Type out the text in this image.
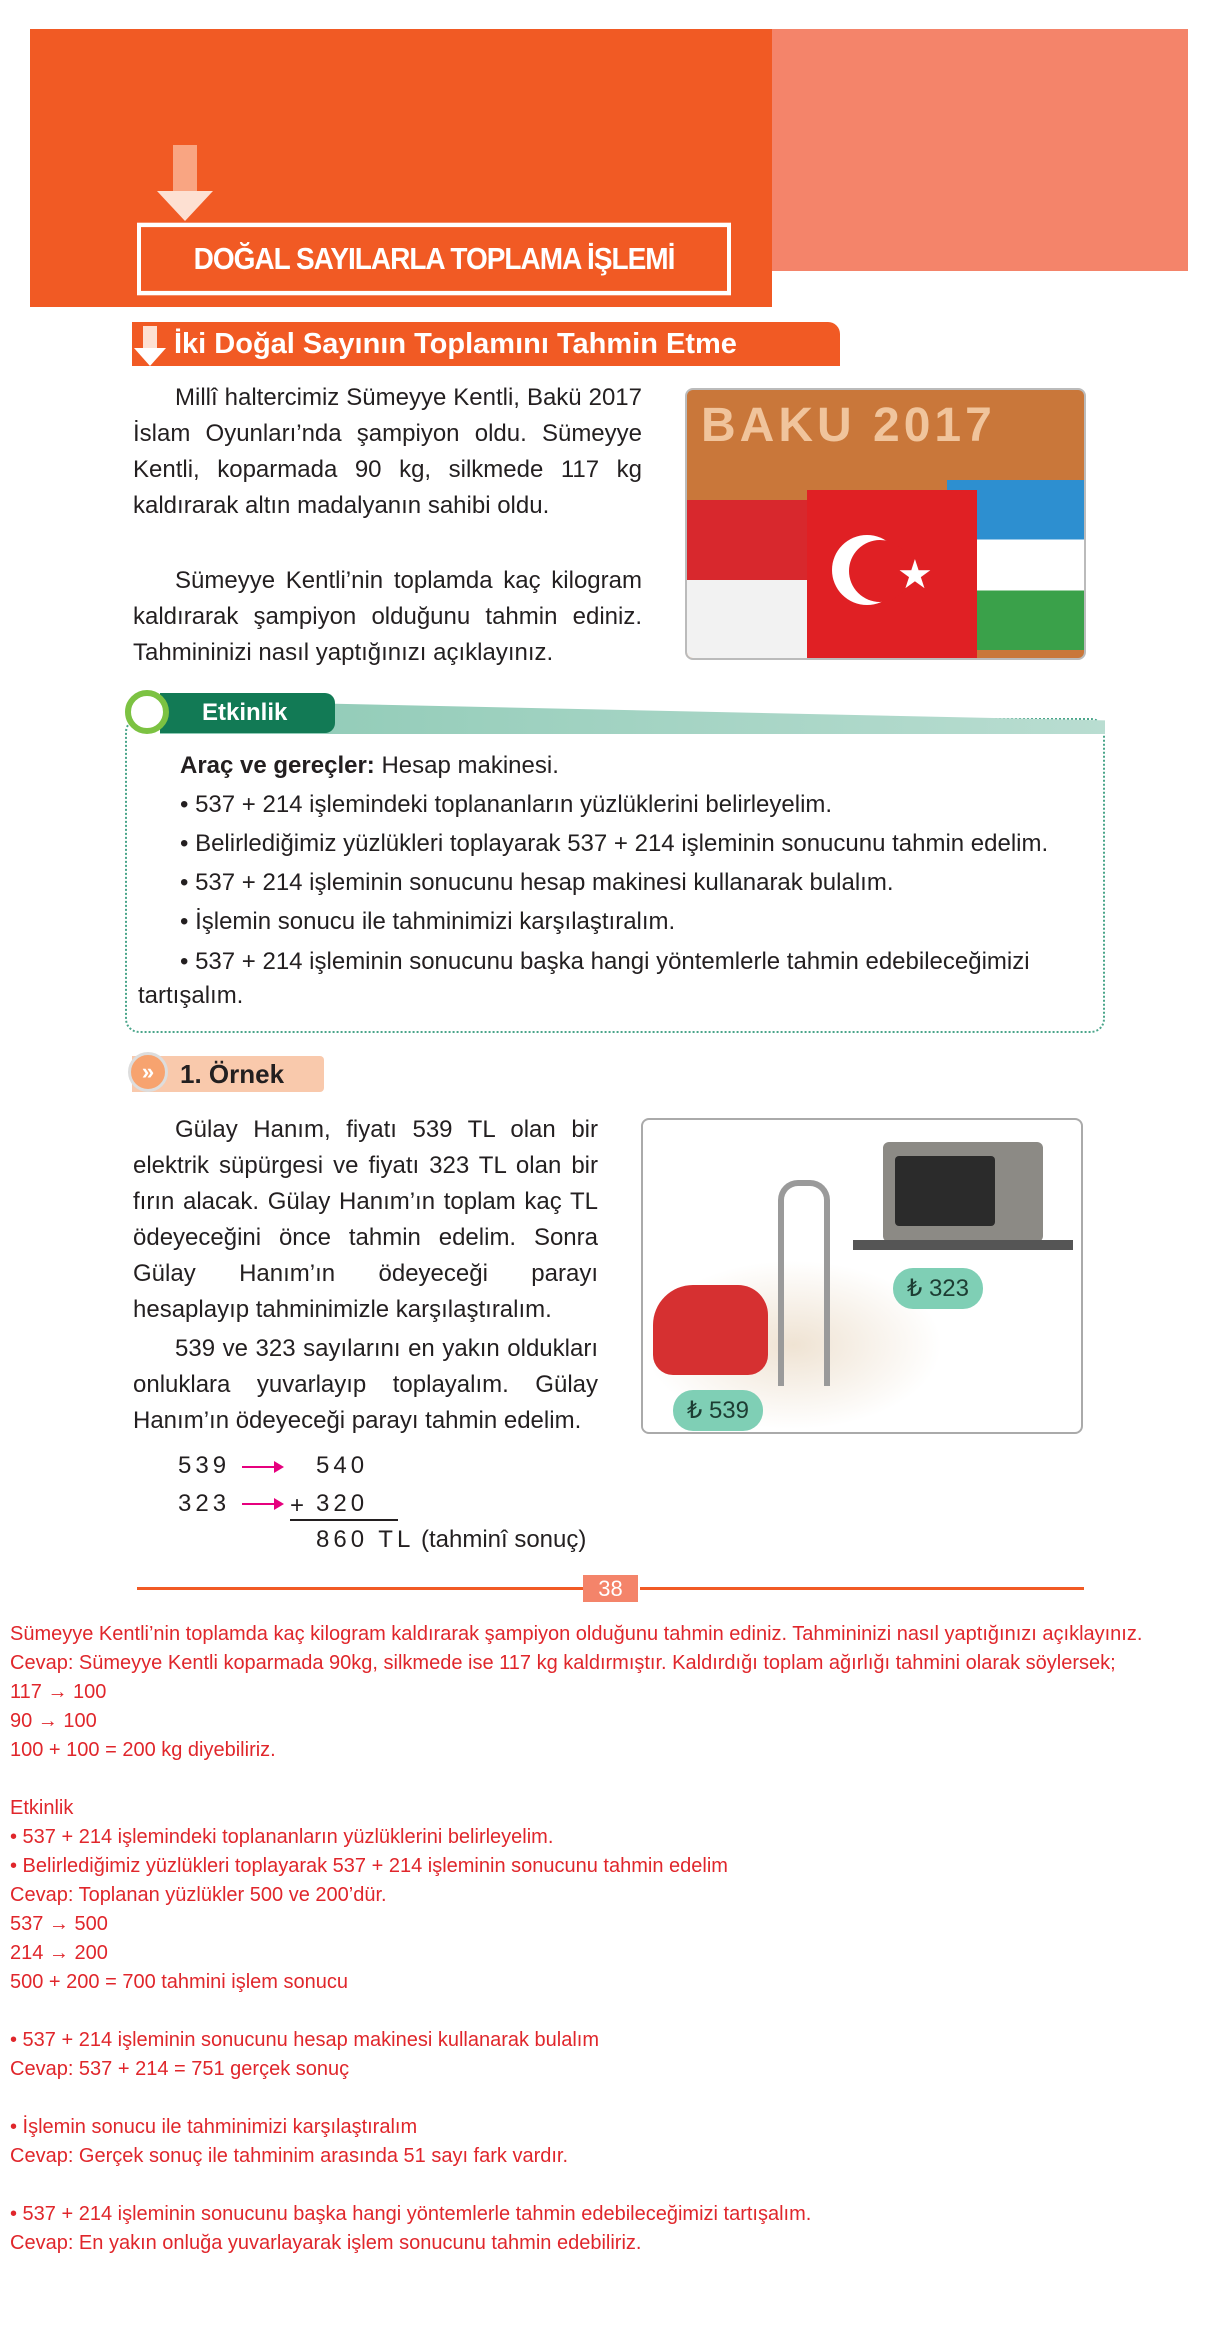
DOĞAL SAYILARLA TOPLAMA İŞLEMİ
İki Doğal Sayının Toplamını Tahmin Etme
Millî haltercimiz Sümeyye Kentli, Bakü 2017 İslam Oyunları’nda şampiyon oldu. Sümeyye Kentli, koparmada 90 kg, silkmede 117 kg kaldırarak altın madalyanın sahibi oldu.
Sümeyye Kentli’nin toplamda kaç kilogram kaldırarak şampiyon olduğunu tahmin ediniz. Tahmininizi nasıl yaptığınızı açıklayınız.
★
BAKU 2017
Etkinlik
Araç ve gereçler: Hesap makinesi.
• 537 + 214 işlemindeki toplananların yüzlüklerini belirleyelim.
• Belirlediğimiz yüzlükleri toplayarak 537 + 214 işleminin sonucunu tahmin edelim.
• 537 + 214 işleminin sonucunu hesap makinesi kullanarak bulalım.
• İşlemin sonucu ile tahminimizi karşılaştıralım.
• 537 + 214 işleminin sonucunu başka hangi yöntemlerle tahmin edebileceğimizi
tartışalım.
1. Örnek
»
Gülay Hanım, fiyatı 539 TL olan bir elektrik süpürgesi ve fiyatı 323 TL olan bir fırın alacak. Gülay Hanım’ın toplam kaç TL ödeyeceğini önce tahmin edelim. Sonra Gülay Hanım’ın ödeyeceği parayı hesaplayıp tahminimizle karşılaştıralım.
539 ve 323 sayılarını en yakın oldukları onluklara yuvarlayıp toplayalım. Gülay Hanım’ın ödeyeceği parayı tahmin edelim.
₺ 323
₺ 539
539	540
323 + 320
860 TL (tahminî sonuç)
38
Sümeyye Kentli’nin toplamda kaç kilogram kaldırarak şampiyon olduğunu tahmin ediniz. Tahmininizi nasıl yaptığınızı açıklayınız.
Cevap: Sümeyye Kentli koparmada 90kg, silkmede ise 117 kg kaldırmıştır. Kaldırdığı toplam ağırlığı tahmini olarak söylersek;
117 → 100
90 → 100
100 + 100 = 200 kg diyebiliriz.
Etkinlik
• 537 + 214 işlemindeki toplananların yüzlüklerini belirleyelim.
• Belirlediğimiz yüzlükleri toplayarak 537 + 214 işleminin sonucunu tahmin edelim
Cevap: Toplanan yüzlükler 500 ve 200’dür.
537 → 500
214 → 200
500 + 200 = 700 tahmini işlem sonucu
• 537 + 214 işleminin sonucunu hesap makinesi kullanarak bulalım
Cevap: 537 + 214 = 751 gerçek sonuç
• İşlemin sonucu ile tahminimizi karşılaştıralım
Cevap: Gerçek sonuç ile tahminim arasında 51 sayı fark vardır.
• 537 + 214 işleminin sonucunu başka hangi yöntemlerle tahmin edebileceğimizi tartışalım.
Cevap: En yakın onluğa yuvarlayarak işlem sonucunu tahmin edebiliriz.
